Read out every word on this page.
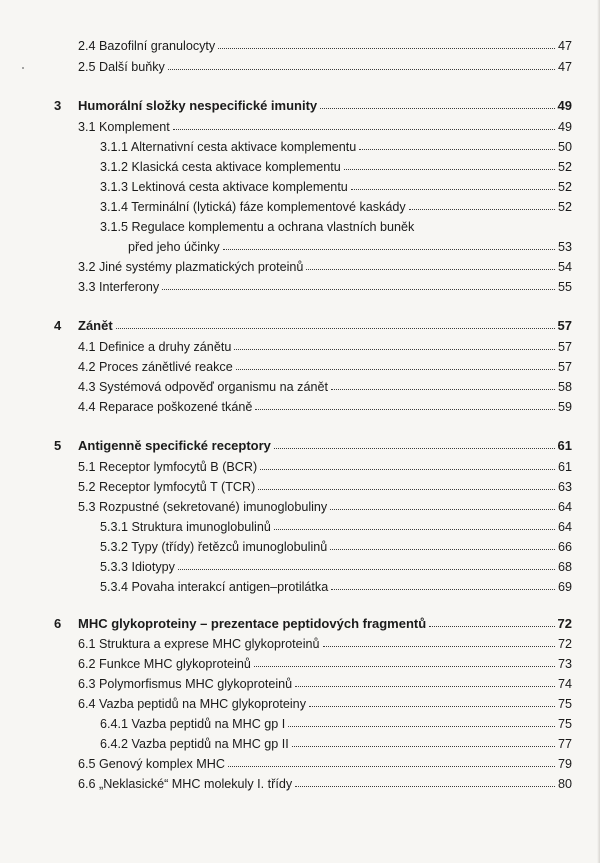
2.4 Bazofilní granulocyty	47
2.5 Další buňky	47
3 Humorální složky nespecifické imunity	49
3.1 Komplement	49
3.1.1 Alternativní cesta aktivace komplementu	50
3.1.2 Klasická cesta aktivace komplementu	52
3.1.3 Lektinová cesta aktivace komplementu	52
3.1.4 Terminální (lytická) fáze komplementové kaskády	52
3.1.5 Regulace komplementu a ochrana vlastních buněk
před jeho účinky	53
3.2 Jiné systémy plazmatických proteinů	54
3.3 Interferony	55
4 Zánět	57
4.1 Definice a druhy zánětu	57
4.2 Proces zánětlivé reakce	57
4.3 Systémová odpověď organismu na zánět	58
4.4 Reparace poškozené tkáně	59
5 Antigenně specifické receptory	61
5.1 Receptor lymfocytů B (BCR)	61
5.2 Receptor lymfocytů T (TCR)	63
5.3 Rozpustné (sekretované) imunoglobuliny	64
5.3.1 Struktura imunoglobulinů	64
5.3.2 Typy (třídy) řetězců imunoglobulinů	66
5.3.3 Idiotypy	68
5.3.4 Povaha interakcí antigen–protilátka	69
6 MHC glykoproteiny – prezentace peptidových fragmentů	72
6.1 Struktura a exprese MHC glykoproteinů	72
6.2 Funkce MHC glykoproteinů	73
6.3 Polymorfismus MHC glykoproteinů	74
6.4 Vazba peptidů na MHC glykoproteiny	75
6.4.1 Vazba peptidů na MHC gp I	75
6.4.2 Vazba peptidů na MHC gp II	77
6.5 Genový komplex MHC	79
6.6 „Neklasické“ MHC molekuly I. třídy	80
